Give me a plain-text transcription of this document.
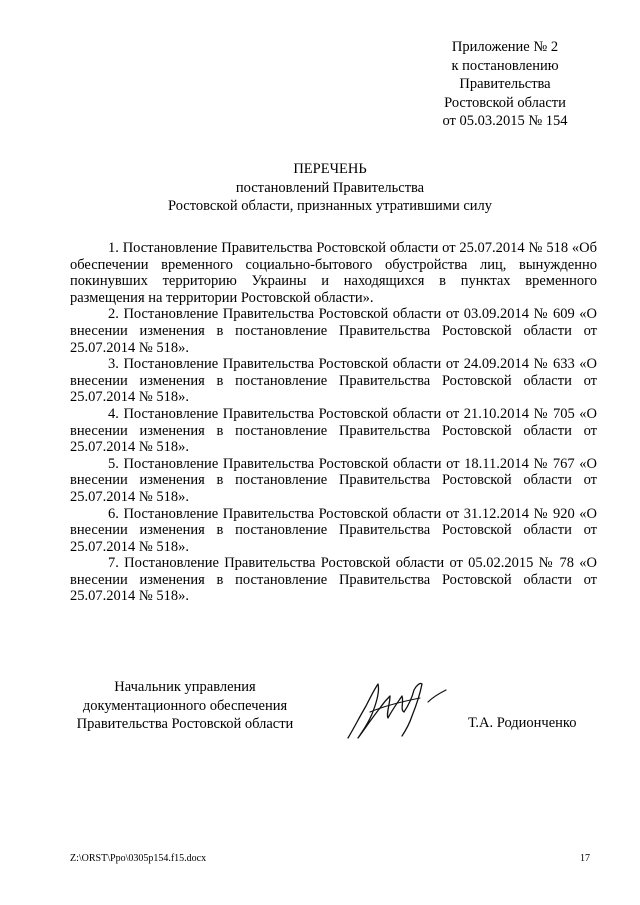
Приложение № 2
к постановлению
Правительства
Ростовской области
от 05.03.2015 № 154
ПЕРЕЧЕНЬ
постановлений Правительства
Ростовской области, признанных утратившими силу

1. Постановление Правительства Ростовской области от 25.07.2014 № 518 «Об обеспечении временного социально-бытового обустройства лиц, вынужденно покинувших территорию Украины и находящихся в пунктах временного размещения на территории Ростовской области».

2. Постановление Правительства Ростовской области от 03.09.2014 № 609 «О внесении изменения в постановление Правительства Ростовской области от 25.07.2014 № 518».

3. Постановление Правительства Ростовской области от 24.09.2014 № 633 «О внесении изменения в постановление Правительства Ростовской области от 25.07.2014 № 518».

4. Постановление Правительства Ростовской области от 21.10.2014 № 705 «О внесении изменения в постановление Правительства Ростовской области от 25.07.2014 № 518».

5. Постановление Правительства Ростовской области от 18.11.2014 № 767 «О внесении изменения в постановление Правительства Ростовской области от 25.07.2014 № 518».

6. Постановление Правительства Ростовской области от 31.12.2014 № 920 «О внесении изменения в постановление Правительства Ростовской области от 25.07.2014 № 518».

7. Постановление Правительства Ростовской области от 05.02.2015 № 78 «О внесении изменения в постановление Правительства Ростовской области от 25.07.2014 № 518».

Начальник управления
документационного обеспечения
Правительства Ростовской области	Т.А. Родионченко
Z:\ORST\Ppo\0305p154.f15.docx	17
